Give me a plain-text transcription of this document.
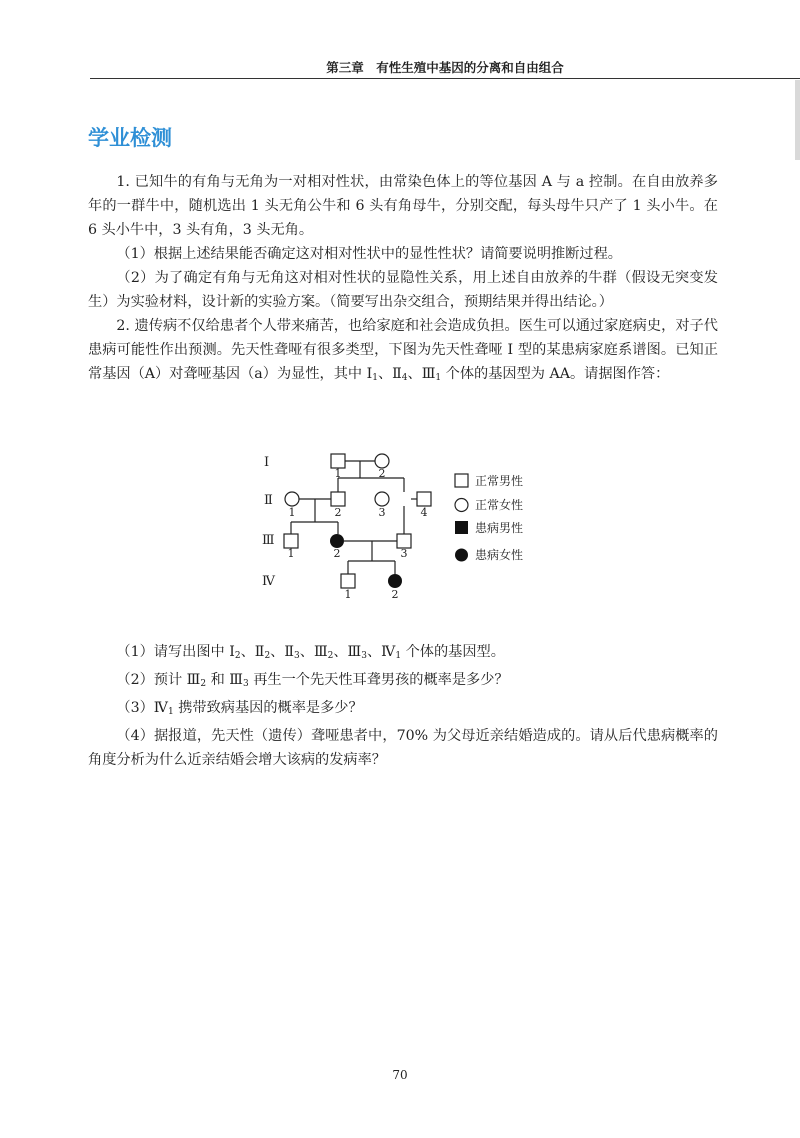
第三章　有性生殖中基因的分离和自由组合
学业检测

1. 已知牛的有角与无角为一对相对性状，由常染色体上的等位基因 A 与 a 控制。在自由放养多年的一群牛中，随机选出 1 头无角公牛和 6 头有角母牛，分别交配，每头母牛只产了 1 头小牛。在 6 头小牛中，3 头有角，3 头无角。

（1）根据上述结果能否确定这对相对性状中的显性性状？请简要说明推断过程。

（2）为了确定有角与无角这对相对性状的显隐性关系，用上述自由放养的牛群（假设无突变发生）为实验材料，设计新的实验方案。（简要写出杂交组合，预期结果并得出结论。）

2. 遗传病不仅给患者个人带来痛苦，也给家庭和社会造成负担。医生可以通过家庭病史，对子代患病可能性作出预测。先天性聋哑有很多类型，下图为先天性聋哑 Ⅰ 型的某患病家庭系谱图。已知正常基因（A）对聋哑基因（a）为显性，其中 $Ⅰ_1$、$Ⅱ_4$、$Ⅲ_1$ 个体的基因型为 AA。请据图作答：

Ⅰ
Ⅱ
Ⅲ
Ⅳ
1	2
1	2	3	4
1	2	3
1	2
正常男性
正常女性
患病男性
患病女性

（1）请写出图中 $Ⅰ_2$、$Ⅱ_2$、$Ⅱ_3$、$Ⅲ_2$、$Ⅲ_3$、$Ⅳ_1$ 个体的基因型。

（2）预计 $Ⅲ_2$ 和 $Ⅲ_3$ 再生一个先天性耳聋男孩的概率是多少？

$(3)Ⅳ_1$ 携带致病基因的概率是多少？

（4）据报道，先天性（遗传）聋哑患者中，70% 为父母近亲结婚造成的。请从后代患病概率的角度分析为什么近亲结婚会增大该病的发病率？

70
